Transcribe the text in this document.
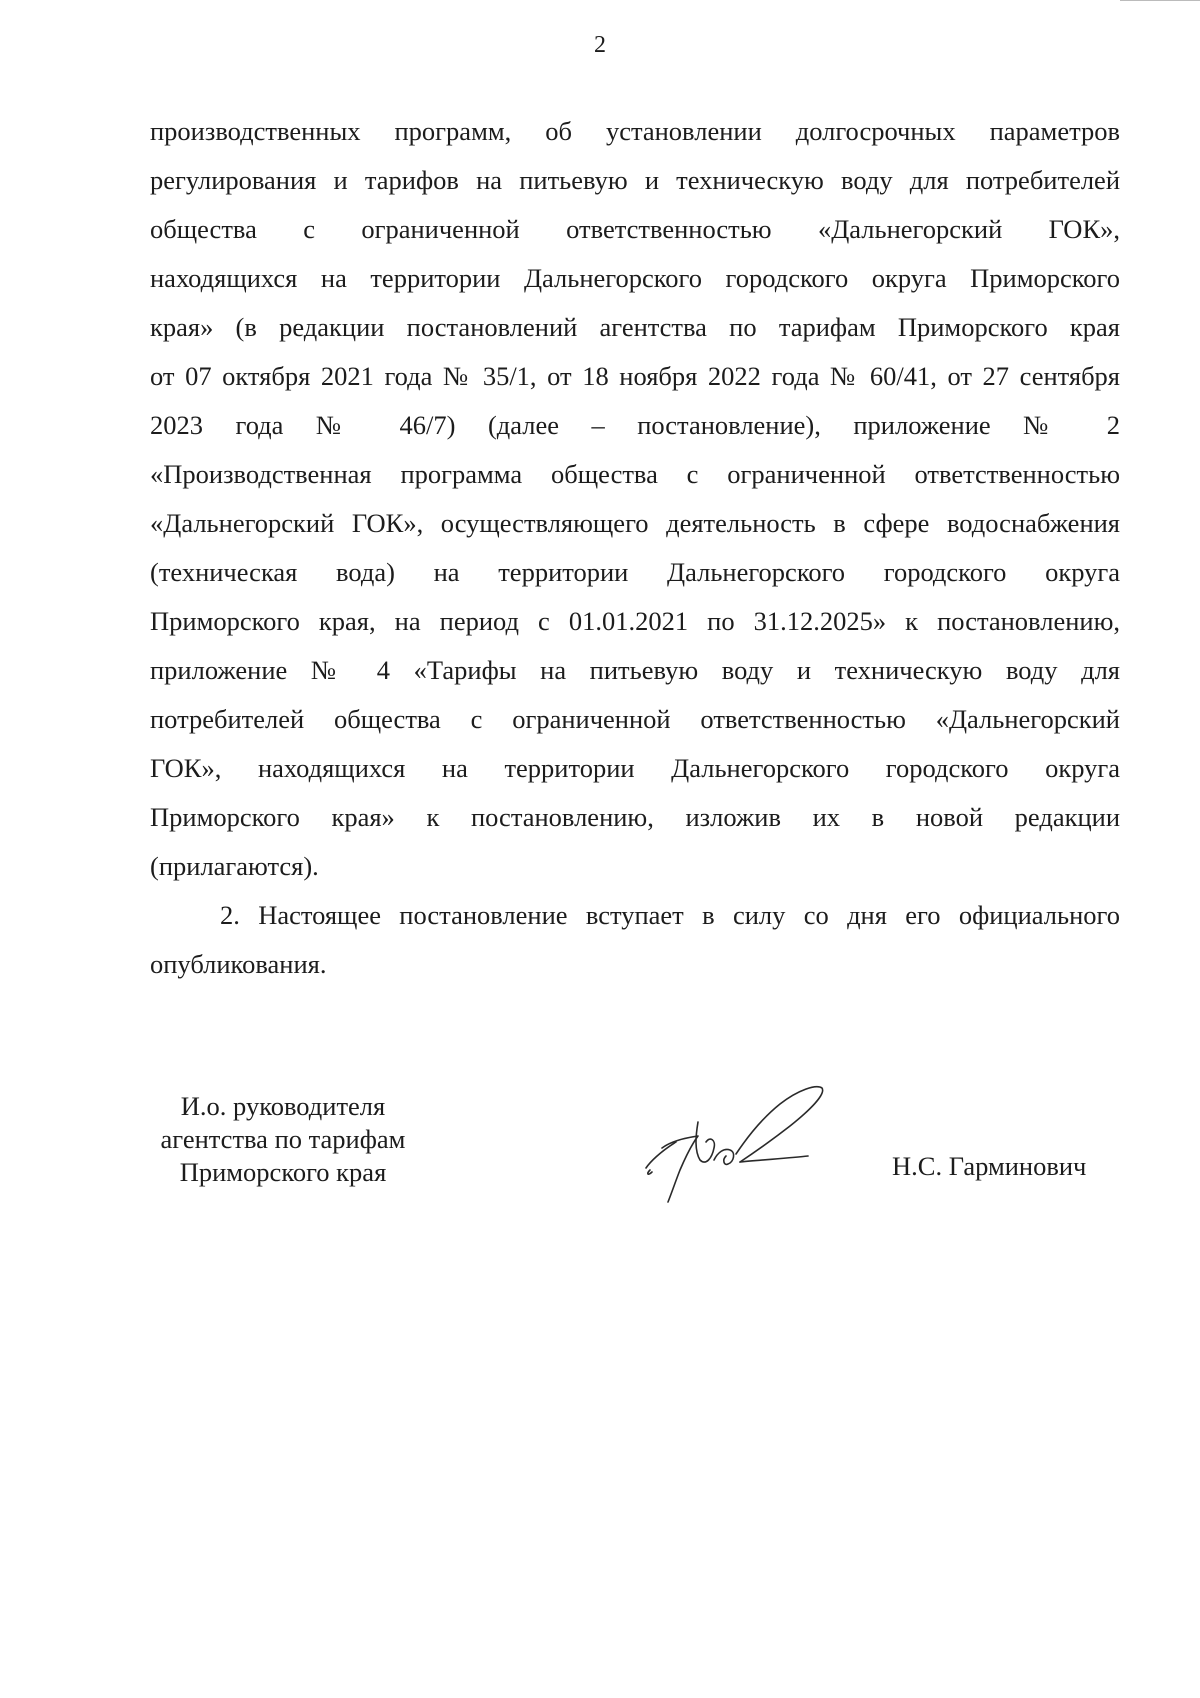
2
производственных программ, об установлении долгосрочных параметров
регулирования и тарифов на питьевую и техническую воду для потребителей
общества с ограниченной ответственностью «Дальнегорский ГОК»,
находящихся на территории Дальнегорского городского округа Приморского
края» (в редакции постановлений агентства по тарифам Приморского края
от 07 октября 2021 года № 35/1, от 18 ноября 2022 года № 60/41, от 27 сентября
2023 года № 46/7) (далее – постановление), приложение № 2
«Производственная программа общества с ограниченной ответственностью
«Дальнегорский ГОК», осуществляющего деятельность в сфере водоснабжения
(техническая вода) на территории Дальнегорского городского округа
Приморского края, на период с 01.01.2021 по 31.12.2025» к постановлению,
приложение № 4 «Тарифы на питьевую воду и техническую воду для
потребителей общества с ограниченной ответственностью «Дальнегорский
ГОК», находящихся на территории Дальнегорского городского округа
Приморского края» к постановлению, изложив их в новой редакции
(прилагаются).
2. Настоящее постановление вступает в силу со дня его официального
опубликования.
И.о. руководителя
агентства по тарифам
Приморского края	Н.С. Гарминович
